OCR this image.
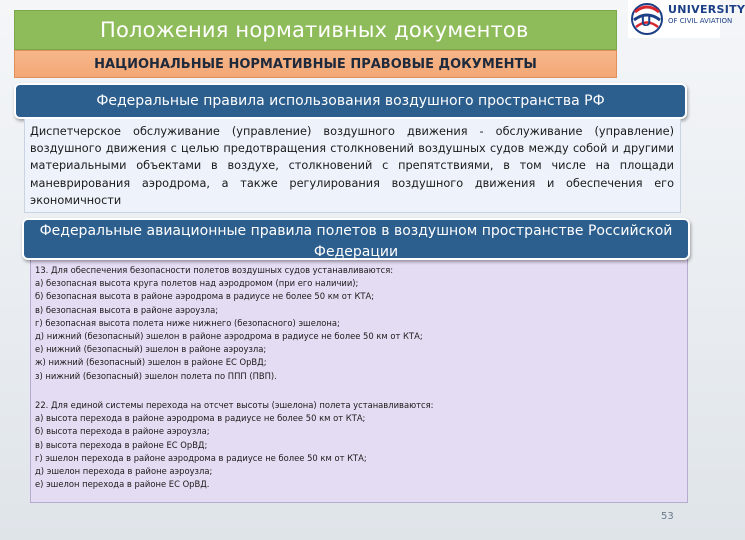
Положения нормативных документов	U
UNIVERSITY
OF CIVIL AVIATION
НАЦИОНАЛЬНЫЕ НОРМАТИВНЫЕ ПРАВОВЫЕ ДОКУМЕНТЫ
Федеральные правила использования воздушного пространства РФ
Диспетчерское обслуживание (управление) воздушного движения - обслуживание (управление) воздушного движения с целью предотвращения столкновений воздушных судов между собой и другими материальными объектами в воздухе, столкновений с препятствиями, в том числе на площади маневрирования аэродрома, а также регулирования воздушного движения и обеспечения его экономичности
13. Для обеспечения безопасности полетов воздушных судов устанавливаются:
а) безопасная высота круга полетов над аэродромом (при его наличии);
б) безопасная высота в районе аэродрома в радиусе не более 50 км от КТА;
в) безопасная высота в районе аэроузла;
г) безопасная высота полета ниже нижнего (безопасного) эшелона;
д) нижний (безопасный) эшелон в районе аэродрома в радиусе не более 50 км от КТА;
е) нижний (безопасный) эшелон в районе аэроузла;
ж) нижний (безопасный) эшелон в районе ЕС ОрВД;
з) нижний (безопасный) эшелон полета по ППП (ПВП).
22. Для единой системы перехода на отсчет высоты (эшелона) полета устанавливаются:
а) высота перехода в районе аэродрома в радиусе не более 50 км от КТА;
б) высота перехода в районе аэроузла;
в) высота перехода в районе ЕС ОрВД;
г) эшелон перехода в районе аэродрома в радиусе не более 50 км от КТА;
д) эшелон перехода в районе аэроузла;
е) эшелон перехода в районе ЕС ОрВД.
Федеральные авиационные правила полетов в воздушном пространстве Российской Федерации
53
